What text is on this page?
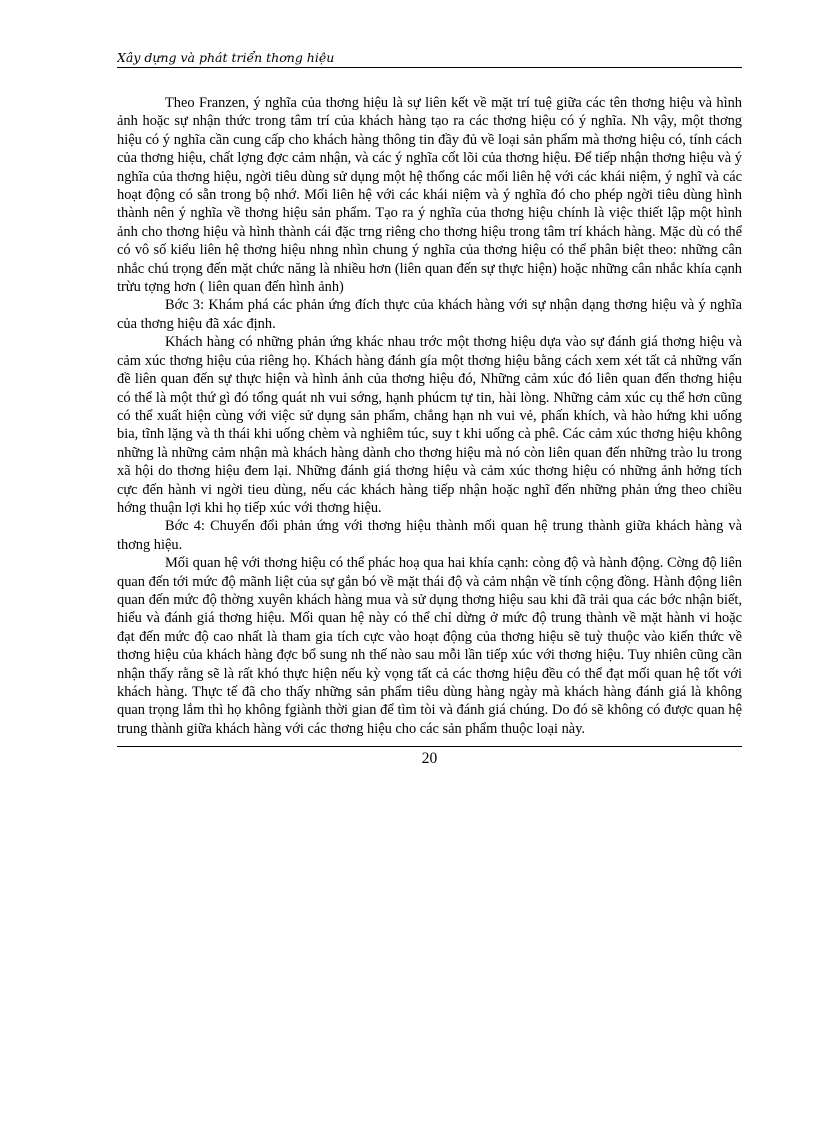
Xây dựng và phát triển thơng hiệu

Theo Franzen, ý nghĩa của thơng hiệu là sự liên kết về mặt trí tuệ giữa các tên thơng hiệu và hình ảnh hoặc sự nhận thức trong tâm trí của khách hàng tạo ra các thơng hiệu có ý nghĩa. Nh vậy, một thơng hiệu có ý nghĩa cần cung cấp cho khách hàng thông tin đầy đủ về loại sản phẩm mà thơng hiệu có, tính cách của thơng hiệu, chất lợng đợc cảm nhận, và các ý nghĩa cốt lõi của thơng hiệu. Để tiếp nhận thơng hiệu và ý nghĩa của thơng hiệu, ngời tiêu dùng sử dụng một hệ thống các mối liên hệ với các khái niệm, ý nghĩ và các hoạt động có sẵn trong bộ nhớ. Mối liên hệ với các khái niệm và ý nghĩa đó cho phép ngời tiêu dùng hình thành nên ý nghĩa về thơng hiệu sản phẩm. Tạo ra ý nghĩa của thơng hiệu chính là việc thiết lập một hình ảnh cho thơng hiệu và hình thành cái đặc trng riêng cho thơng hiệu trong tâm trí khách hàng. Mặc dù có thể có vô số kiểu liên hệ thơng hiệu nhng nhìn chung ý nghĩa của thơng hiệu có thể phân biệt theo: những cân nhắc chú trọng đến mặt chức năng là nhiều hơn (liên quan đến sự thực hiện) hoặc những cân nhắc khía cạnh trừu tợng hơn ( liên quan đến hình ảnh)

Bớc 3: Khám phá các phản ứng đích thực của khách hàng với sự nhận dạng thơng hiệu và ý nghĩa của thơng hiệu đã xác định.

Khách hàng có những phản ứng khác nhau trớc một thơng hiệu dựa vào sự đánh giá thơng hiệu và cảm xúc thơng hiệu của riêng họ. Khách hàng đánh gía một thơng hiệu bằng cách xem xét tất cả những vấn đề liên quan đến sự thực hiện và hình ảnh của thơng hiệu đó, Những cảm xúc đó liên quan đến thơng hiệu có thể là một thứ gì đó tổng quát nh vui sớng, hạnh phúcm tự tin, hài lòng. Những cảm xúc cụ thể hơn cũng có thể xuất hiện cùng với việc sử dụng sản phẩm, chẳng hạn nh vui vẻ, phấn khích, và hào hứng khi uống bia, tĩnh lặng và th thái khi uống chèm và nghiêm túc, suy t khi uống cà phê. Các cảm xúc thơng hiệu không những là những cảm nhận mà khách hàng dành cho thơng hiệu mà nó còn liên quan đến những trào lu trong xã hội do thơng hiệu đem lại. Những đánh giá thơng hiệu và cảm xúc thơng hiệu có những ảnh hởng tích cực đến hành vi ngời tieu dùng, nếu các khách hàng tiếp nhận hoặc nghĩ đến những phản ứng theo chiều hớng thuận lợi khi họ tiếp xúc với thơng hiệu.

Bớc 4: Chuyển đổi phản ứng với thơng hiệu thành mối quan hệ trung thành giữa khách hàng và thơng hiệu.

Mối quan hệ với thơng hiệu có thể phác hoạ qua hai khía cạnh: còng độ và hành động. Cờng độ liên quan đến tới mức độ mãnh liệt của sự gắn bó về mặt thái độ và cảm nhận về tính cộng đồng. Hành động liên quan đến mức độ thờng xuyên khách hàng mua và sử dụng thơng hiệu sau khi đã trải qua các bớc nhận biết, hiểu và đánh giá thơng hiệu. Mối quan hệ này có thể chỉ dừng ở mức độ trung thành về mặt hành vi hoặc đạt đến mức độ cao nhất là tham gia tích cực vào hoạt động của thơng hiệu sẽ tuỳ thuộc vào kiến thức về thơng hiệu của khách hàng đợc bổ sung nh thế nào sau mỗi lần tiếp xúc với thơng hiệu. Tuy nhiên cũng cần nhận thấy rằng sẽ là rất khó thực hiện nếu kỳ vọng tất cả các thơng hiệu đều có thể đạt mối quan hệ tốt với khách hàng. Thực tế đã cho thấy những sản phẩm tiêu dùng hàng ngày mà khách hàng đánh giá là không quan trọng lắm thì họ không fgiành thời gian để tìm tòi và đánh giá chúng. Do đó sẽ không có được quan hệ trung thành giữa khách hàng với các thơng hiệu cho các sản phẩm thuộc loại này.

20
